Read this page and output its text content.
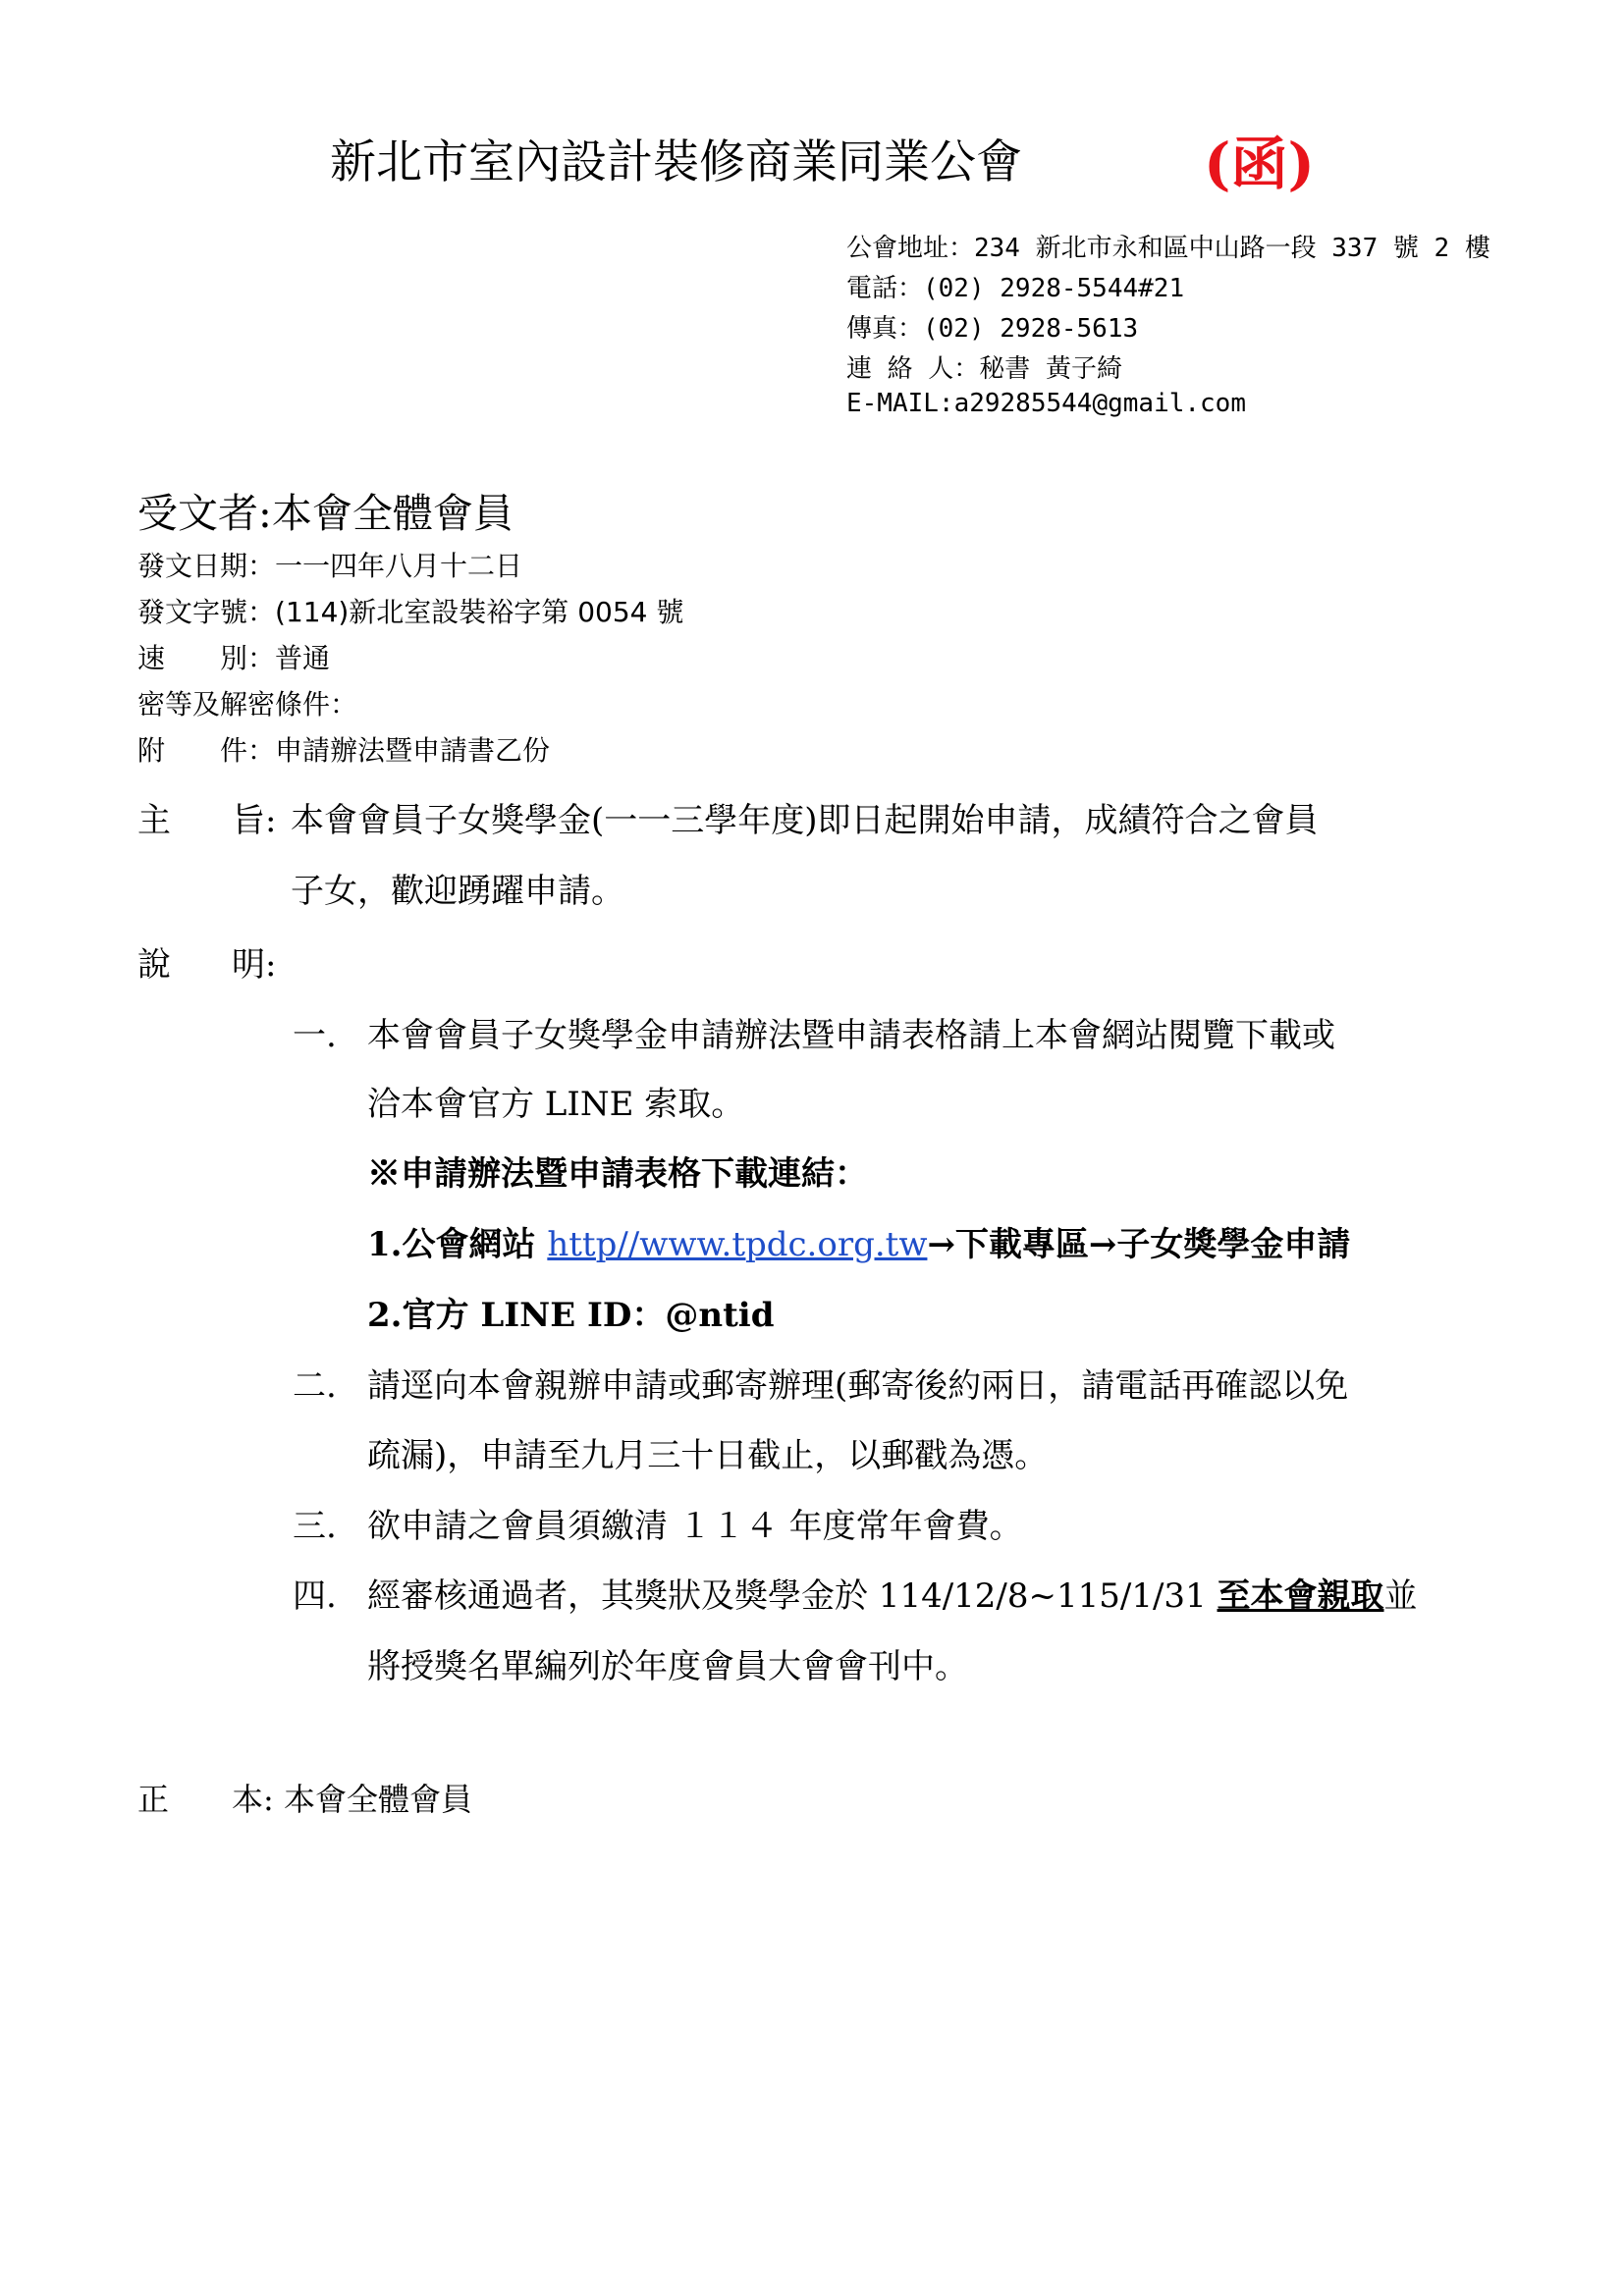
新北市室內設計裝修商業同業公會	(函)
公會地址：234 新北市永和區中山路一段 337 號 2 樓
電話：(02) 2928-5544#21
傳真：(02) 2928-5613
連 絡 人：秘書 黃子綺
E-MAIL:a29285544@gmail.com
受文者:本會全體會員
發文日期：一一四年八月十二日
發文字號：(114)新北室設裝裕字第 0054 號
速 別：普通
密等及解密條件：
附 件：申請辦法暨申請書乙份
主 旨: 本會會員子女獎學金(一一三學年度)即日起開始申請，成績符合之會員
子女，歡迎踴躍申請。
說 明:
一. 本會會員子女獎學金申請辦法暨申請表格請上本會網站閱覽下載或
洽本會官方 LINE 索取。
※申請辦法暨申請表格下載連結：
1.公會網站 http//www.tpdc.org.tw→下載專區→子女獎學金申請
2.官方 LINE ID：@ntid
二. 請逕向本會親辦申請或郵寄辦理(郵寄後約兩日，請電話再確認以免
疏漏)，申請至九月三十日截止，以郵戳為憑。
三. 欲申請之會員須繳清 １１４ 年度常年會費。
四. 經審核通過者，其獎狀及獎學金於 114/12/8~115/1/31 至本會親取並
將授獎名單編列於年度會員大會會刊中。
正 本: 本會全體會員
